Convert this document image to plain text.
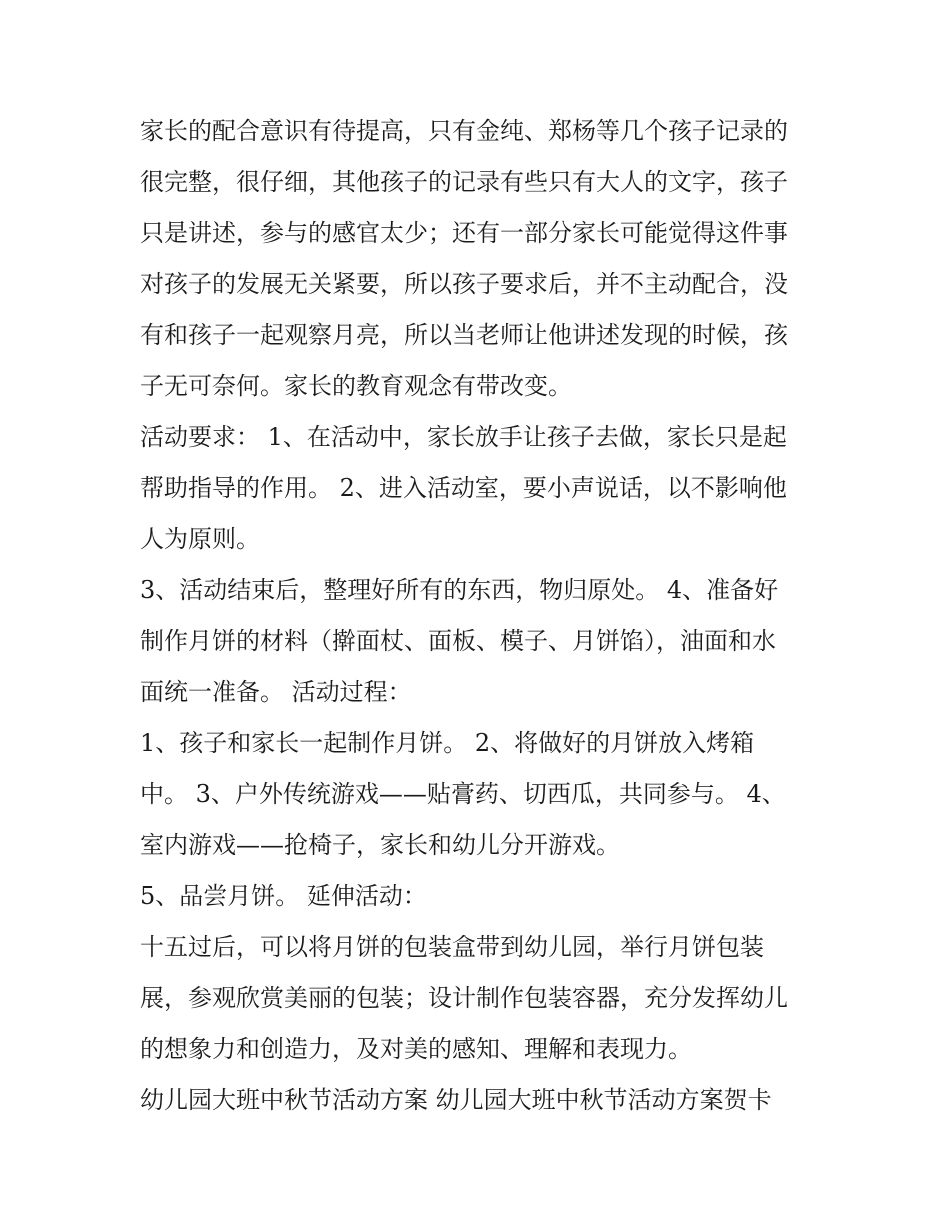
家长的配合意识有待提高，只有金纯、郑杨等几个孩子记录的
很完整，很仔细，其他孩子的记录有些只有大人的文字，孩子
只是讲述，参与的感官太少；还有一部分家长可能觉得这件事
对孩子的发展无关紧要，所以孩子要求后，并不主动配合，没
有和孩子一起观察月亮，所以当老师让他讲述发现的时候，孩
子无可奈何。家长的教育观念有带改变。
活动要求： 1、在活动中，家长放手让孩子去做，家长只是起
帮助指导的作用。 2、进入活动室，要小声说话，以不影响他
人为原则。
3、活动结束后，整理好所有的东西，物归原处。 4、准备好
制作月饼的材料（擀面杖、面板、模子、月饼馅），油面和水
面统一准备。 活动过程：
1、孩子和家长一起制作月饼。 2、将做好的月饼放入烤箱
中。 3、户外传统游戏——贴膏药、切西瓜，共同参与。 4、
室内游戏——抢椅子，家长和幼儿分开游戏。
5、品尝月饼。 延伸活动：
十五过后，可以将月饼的包装盒带到幼儿园，举行月饼包装
展，参观欣赏美丽的包装；设计制作包装容器，充分发挥幼儿
的想象力和创造力，及对美的感知、理解和表现力。
幼儿园大班中秋节活动方案 幼儿园大班中秋节活动方案贺卡
